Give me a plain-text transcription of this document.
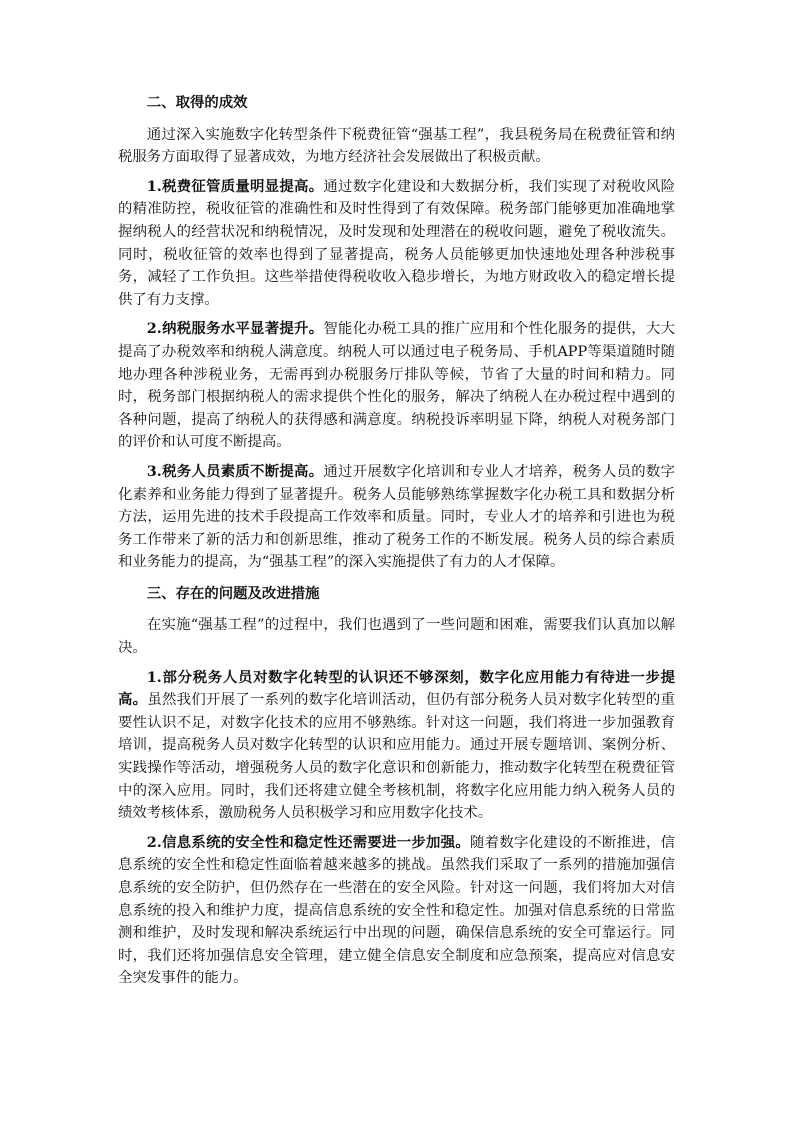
二、取得的成效

通过深入实施数字化转型条件下税费征管“强基工程”，我县税务局在税费征管和纳税服务方面取得了显著成效，为地方经济社会发展做出了积极贡献。

1.税费征管质量明显提高。通过数字化建设和大数据分析，我们实现了对税收风险的精准防控，税收征管的准确性和及时性得到了有效保障。税务部门能够更加准确地掌握纳税人的经营状况和纳税情况，及时发现和处理潜在的税收问题，避免了税收流失。同时，税收征管的效率也得到了显著提高，税务人员能够更加快速地处理各种涉税事务，减轻了工作负担。这些举措使得税收收入稳步增长，为地方财政收入的稳定增长提供了有力支撑。

2.纳税服务水平显著提升。智能化办税工具的推广应用和个性化服务的提供，大大提高了办税效率和纳税人满意度。纳税人可以通过电子税务局、手机APP等渠道随时随地办理各种涉税业务，无需再到办税服务厅排队等候，节省了大量的时间和精力。同时，税务部门根据纳税人的需求提供个性化的服务，解决了纳税人在办税过程中遇到的各种问题，提高了纳税人的获得感和满意度。纳税投诉率明显下降，纳税人对税务部门的评价和认可度不断提高。

3.税务人员素质不断提高。通过开展数字化培训和专业人才培养，税务人员的数字化素养和业务能力得到了显著提升。税务人员能够熟练掌握数字化办税工具和数据分析方法，运用先进的技术手段提高工作效率和质量。同时，专业人才的培养和引进也为税务工作带来了新的活力和创新思维，推动了税务工作的不断发展。税务人员的综合素质和业务能力的提高，为“强基工程”的深入实施提供了有力的人才保障。

三、存在的问题及改进措施

在实施“强基工程”的过程中，我们也遇到了一些问题和困难，需要我们认真加以解决。

1.部分税务人员对数字化转型的认识还不够深刻，数字化应用能力有待进一步提高。虽然我们开展了一系列的数字化培训活动，但仍有部分税务人员对数字化转型的重要性认识不足，对数字化技术的应用不够熟练。针对这一问题，我们将进一步加强教育培训，提高税务人员对数字化转型的认识和应用能力。通过开展专题培训、案例分析、实践操作等活动，增强税务人员的数字化意识和创新能力，推动数字化转型在税费征管中的深入应用。同时，我们还将建立健全考核机制，将数字化应用能力纳入税务人员的绩效考核体系，激励税务人员积极学习和应用数字化技术。

2.信息系统的安全性和稳定性还需要进一步加强。随着数字化建设的不断推进，信息系统的安全性和稳定性面临着越来越多的挑战。虽然我们采取了一系列的措施加强信息系统的安全防护，但仍然存在一些潜在的安全风险。针对这一问题，我们将加大对信息系统的投入和维护力度，提高信息系统的安全性和稳定性。加强对信息系统的日常监测和维护，及时发现和解决系统运行中出现的问题，确保信息系统的安全可靠运行。同时，我们还将加强信息安全管理，建立健全信息安全制度和应急预案，提高应对信息安全突发事件的能力。
